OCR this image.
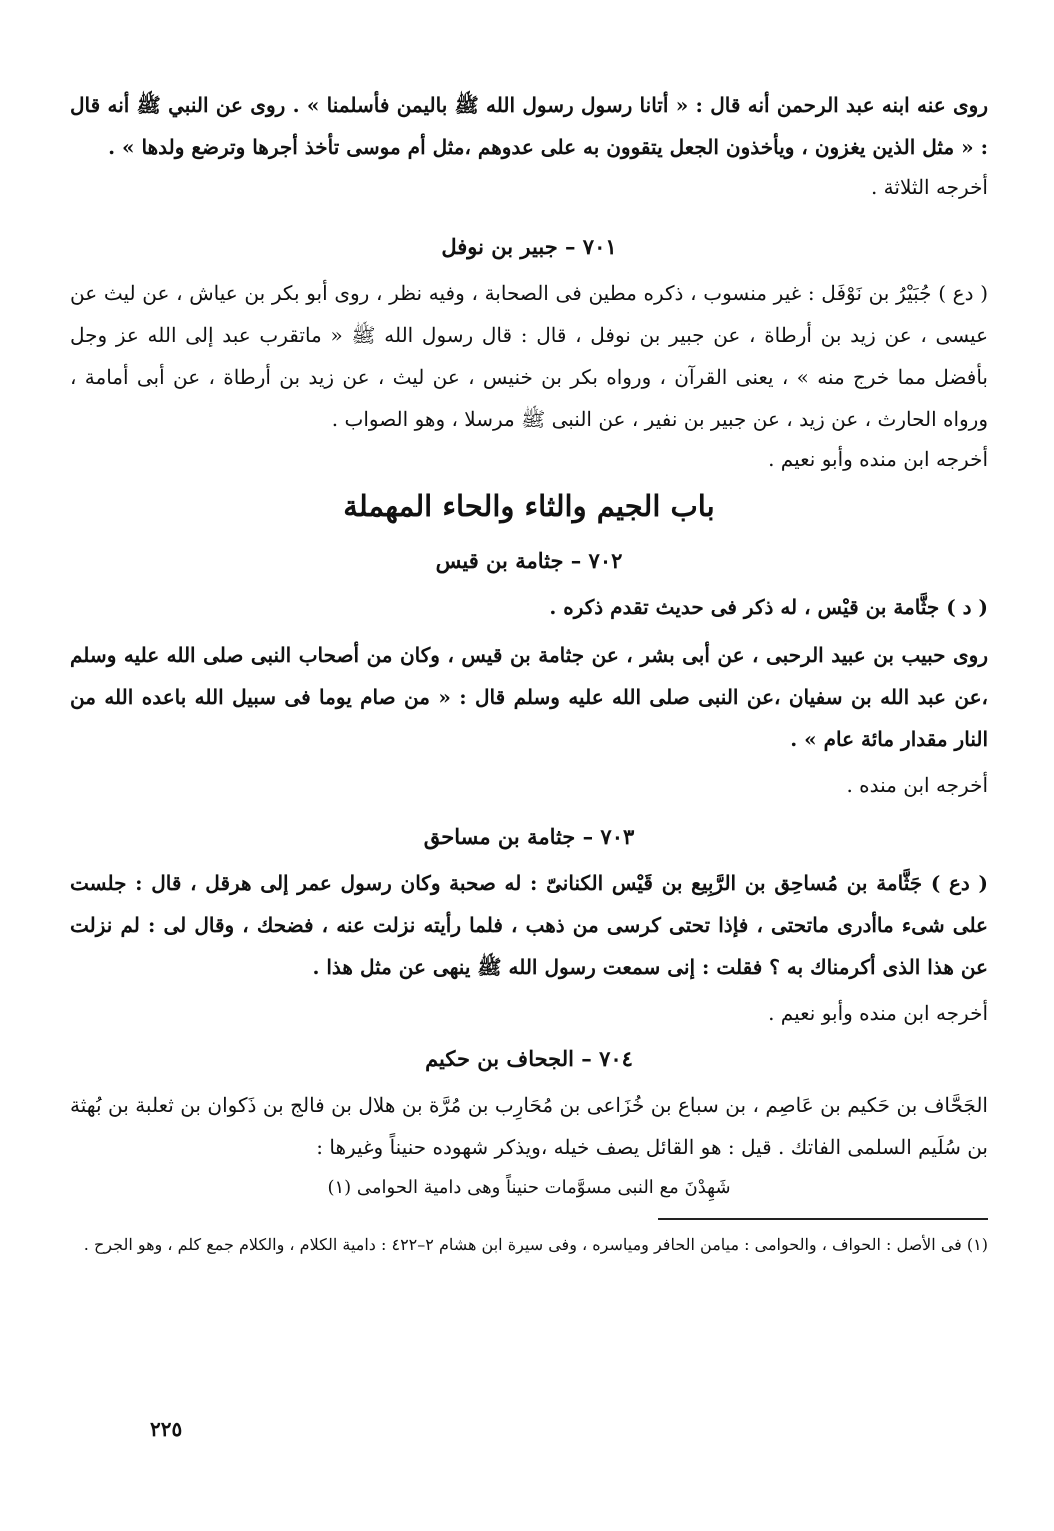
روى عنه ابنه عبد الرحمن أنه قال : « أتانا رسول رسول الله ﷺ باليمن فأسلمنا » . روى عن النبي ﷺ أنه قال : « مثل الذين يغزون ، ويأخذون الجعل يتقوون به على عدوهم ،مثل أم موسى تأخذ أجرها وترضع ولدها » .

أخرجه الثلاثة .

٧٠١ – جبير بن نوفل

( دع ) جُبَيْرُ بن نَوْفَل : غير منسوب ، ذكره مطين فى الصحابة ، وفيه نظر ، روى أبو بكر بن عياش ، عن ليث عن عيسى ، عن زيد بن أرطاة ، عن جبير بن نوفل ، قال : قال رسول الله ﷺ « ماتقرب عبد إلى الله عز وجل بأفضل مما خرج منه » ، يعنى القرآن ، ورواه بكر بن خنيس ، عن ليث ، عن زيد بن أرطاة ، عن أبى أمامة ، ورواه الحارث ، عن زيد ، عن جبير بن نفير ، عن النبى ﷺ مرسلا ، وهو الصواب .

أخرجه ابن منده وأبو نعيم .

باب الجيم والثاء والحاء المهملة
٧٠٢ – جثامة بن قيس

( د ) جثَّامة بن قيْس ، له ذكر فى حديث تقدم ذكره .

روى حبيب بن عبيد الرحبى ، عن أبى بشر ، عن جثامة بن قيس ، وكان من أصحاب النبى صلى الله عليه وسلم ،عن عبد الله بن سفيان ،عن النبى صلى الله عليه وسلم قال : « من صام يوما فى سبيل الله باعده الله من النار مقدار مائة عام » .

أخرجه ابن منده .

٧٠٣ – جثامة بن مساحق

( دع ) جَثَّامة بن مُساحِق بن الرَّبِيع بن قَيْس الكنانىّ : له صحبة وكان رسول عمر إلى هرقل ، قال : جلست على شىء ماأدرى ماتحتى ، فإذا تحتى كرسى من ذهب ، فلما رأيته نزلت عنه ، فضحك ، وقال لى : لم نزلت عن هذا الذى أكرمناك به ؟ فقلت : إنى سمعت رسول الله ﷺ ينهى عن مثل هذا .

أخرجه ابن منده وأبو نعيم .

٧٠٤ – الجحاف بن حكيم

الجَحَّاف بن حَكيم بن عَاصِم ، بن سباع بن خُزَاعى بن مُحَارِب بن مُرَّة بن هلال بن فالج بن ذَكوان بن ثعلبة بن بُهثة بن سُلَيم السلمى الفاتك . قيل : هو القائل يصف خيله ،ويذكر شهوده حنيناً وغيرها :

شَهِدْنَ مع النبى مسوَّمات حنيناً وهى دامية الحوامى (١)

(١) فى الأصل : الحواف ، والحوامى : ميامن الحافر ومياسره ، وفى سيرة ابن هشام ٢–٤٢٢ : دامية الكلام ، والكلام جمع كلم ، وهو الجرح .

٢٢٥
